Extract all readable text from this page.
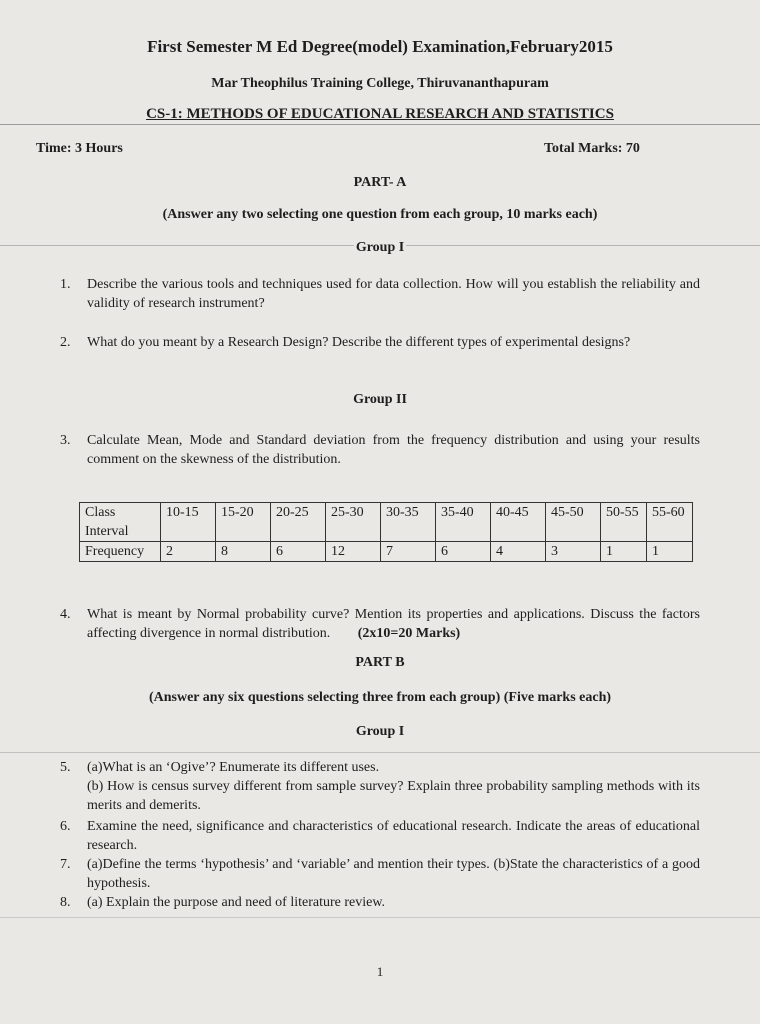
First Semester M Ed Degree(model) Examination,February2015
Mar Theophilus Training College, Thiruvananthapuram
CS-1: METHODS OF EDUCATIONAL RESEARCH AND STATISTICS
Time: 3 Hours	Total Marks: 70
PART- A
(Answer any two selecting one question from each group, 10 marks each)
Group I
1. Describe the various tools and techniques used for data collection. How will you establish the reliability and validity of research instrument?
2. What do you meant by a Research Design? Describe the different types of experimental designs?
Group II
3. Calculate Mean, Mode and Standard deviation from the frequency distribution and using your results comment on the skewness of the distribution.
Class Interval	10-15	15-20	20-25	25-30	30-35	35-40	40-45	45-50	50-55	55-60
Frequency	2	8	6	12	7	6	4	3	1	1
4. What is meant by Normal probability curve? Mention its properties and applications. Discuss the factors affecting divergence in normal distribution. (2x10=20 Marks)
PART B
(Answer any six questions selecting three from each group) (Five marks each)
Group I
5. (a)What is an ‘Ogive’? Enumerate its different uses.

(b) How is census survey different from sample survey? Explain three probability sampling methods with its merits and demerits.

6. Examine the need, significance and characteristics of educational research. Indicate the areas of educational research.
7. (a)Define the terms ‘hypothesis’ and ‘variable’ and mention their types. (b)State the characteristics of a good hypothesis.
8. (a) Explain the purpose and need of literature review.
1
